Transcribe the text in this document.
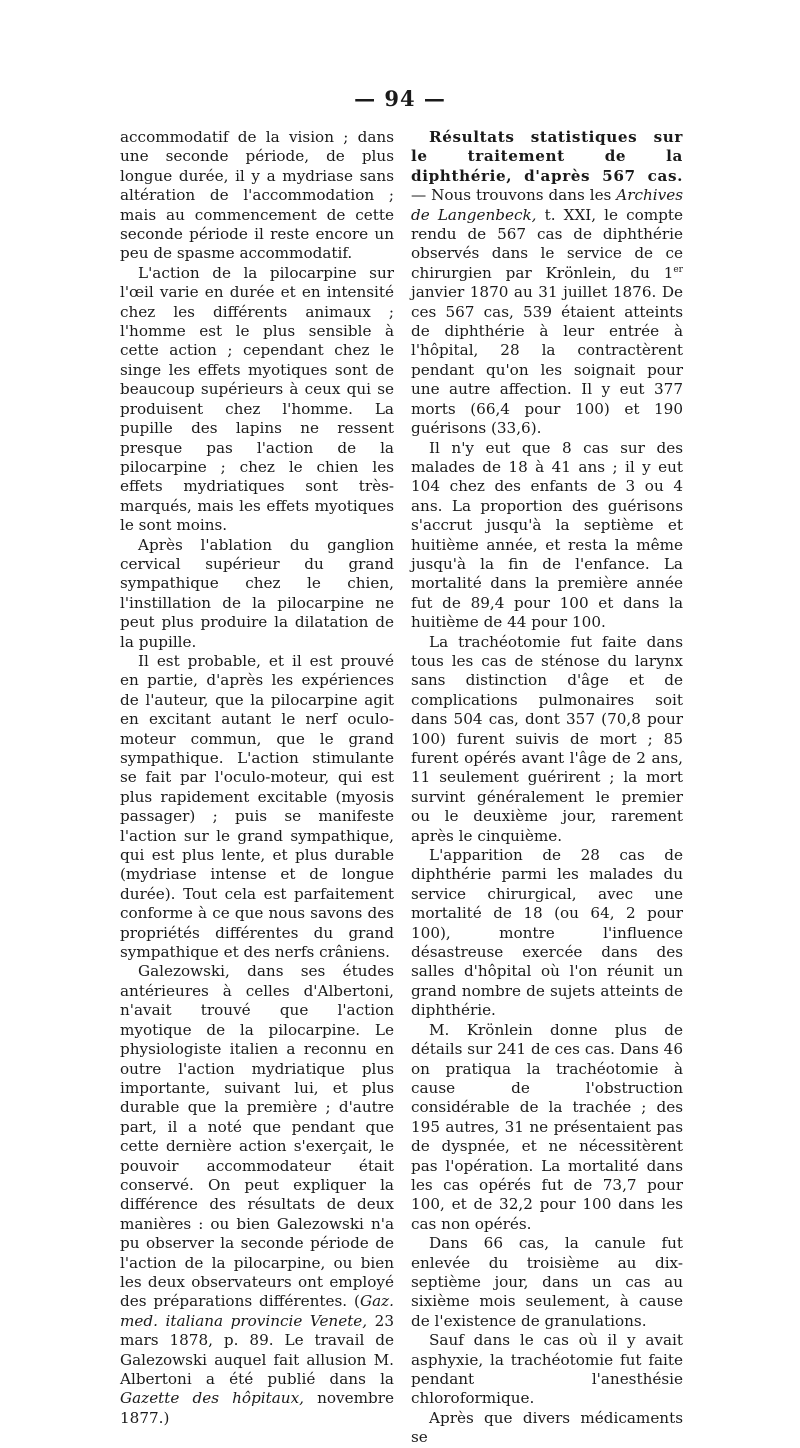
— 94 —

accommodatif de la vision ; dans une seconde période, de plus longue durée, il y a mydriase sans altération de l'accommodation ; mais au commencement de cette seconde période il reste encore un peu de spasme accommodatif.

L'action de la pilocarpine sur l'œil varie en durée et en intensité chez les différents animaux ; l'homme est le plus sensible à cette action ; cependant chez le singe les effets myotiques sont de beaucoup supérieurs à ceux qui se produisent chez l'homme. La pupille des lapins ne ressent presque pas l'action de la pilocarpine ; chez le chien les effets mydriatiques sont très-marqués, mais les effets myotiques le sont moins.

Après l'ablation du ganglion cervical supérieur du grand sympathique chez le chien, l'instillation de la pilocarpine ne peut plus produire la dilatation de la pupille.

Il est probable, et il est prouvé en partie, d'après les expériences de l'auteur, que la pilocarpine agit en excitant autant le nerf oculo-moteur commun, que le grand sympathique. L'action stimulante se fait par l'oculo-moteur, qui est plus rapidement excitable (myosis passager) ; puis se manifeste l'action sur le grand sympathique, qui est plus lente, et plus durable (mydriase intense et de longue durée). Tout cela est parfaitement conforme à ce que nous savons des propriétés différentes du grand sympathique et des nerfs crâniens.

Galezowski, dans ses études antérieures à celles d'Albertoni, n'avait trouvé que l'action myotique de la pilocarpine. Le physiologiste italien a reconnu en outre l'action mydriatique plus importante, suivant lui, et plus durable que la première ; d'autre part, il a noté que pendant que cette dernière action s'exerçait, le pouvoir accommodateur était conservé. On peut expliquer la différence des résultats de deux manières : ou bien Galezowski n'a pu observer la seconde période de l'action de la pilocarpine, ou bien les deux observateurs ont employé des préparations différentes. (Gaz. med. italiana provincie Venete, 23 mars 1878, p. 89. Le travail de Galezowski auquel fait allusion M. Albertoni a été publié dans la Gazette des hôpitaux, novembre 1877.)

Résultats statistiques sur le traitement de la diphthérie, d'après 567 cas. — Nous trouvons dans les Archives de Langenbeck, t. XXI, le compte rendu de 567 cas de diphthérie observés dans le service de ce chirurgien par Krönlein, du 1er janvier 1870 au 31 juillet 1876. De ces 567 cas, 539 étaient atteints de diphthérie à leur entrée à l'hôpital, 28 la contractèrent pendant qu'on les soignait pour une autre affection. Il y eut 377 morts (66,4 pour 100) et 190 guérisons (33,6).

Il n'y eut que 8 cas sur des malades de 18 à 41 ans ; il y eut 104 chez des enfants de 3 ou 4 ans. La proportion des guérisons s'accrut jusqu'à la septième et huitième année, et resta la même jusqu'à la fin de l'enfance. La mortalité dans la première année fut de 89,4 pour 100 et dans la huitième de 44 pour 100.

La trachéotomie fut faite dans tous les cas de sténose du larynx sans distinction d'âge et de complications pulmonaires soit dans 504 cas, dont 357 (70,8 pour 100) furent suivis de mort ; 85 furent opérés avant l'âge de 2 ans, 11 seulement guérirent ; la mort survint généralement le premier ou le deuxième jour, rarement après le cinquième.

L'apparition de 28 cas de diphthérie parmi les malades du service chirurgical, avec une mortalité de 18 (ou 64, 2 pour 100), montre l'influence désastreuse exercée dans des salles d'hôpital où l'on réunit un grand nombre de sujets atteints de diphthérie.

M. Krönlein donne plus de détails sur 241 de ces cas. Dans 46 on pratiqua la trachéotomie à cause de l'obstruction considérable de la trachée ; des 195 autres, 31 ne présentaient pas de dyspnée, et ne nécessitèrent pas l'opération. La mortalité dans les cas opérés fut de 73,7 pour 100, et de 32,2 pour 100 dans les cas non opérés.

Dans 66 cas, la canule fut enlevée du troisième au dix-septième jour, dans un cas au sixième mois seulement, à cause de l'existence de granulations.

Sauf dans le cas où il y avait asphyxie, la trachéotomie fut faite pendant l'anesthésie chloroformique.

Après que divers médicaments se
